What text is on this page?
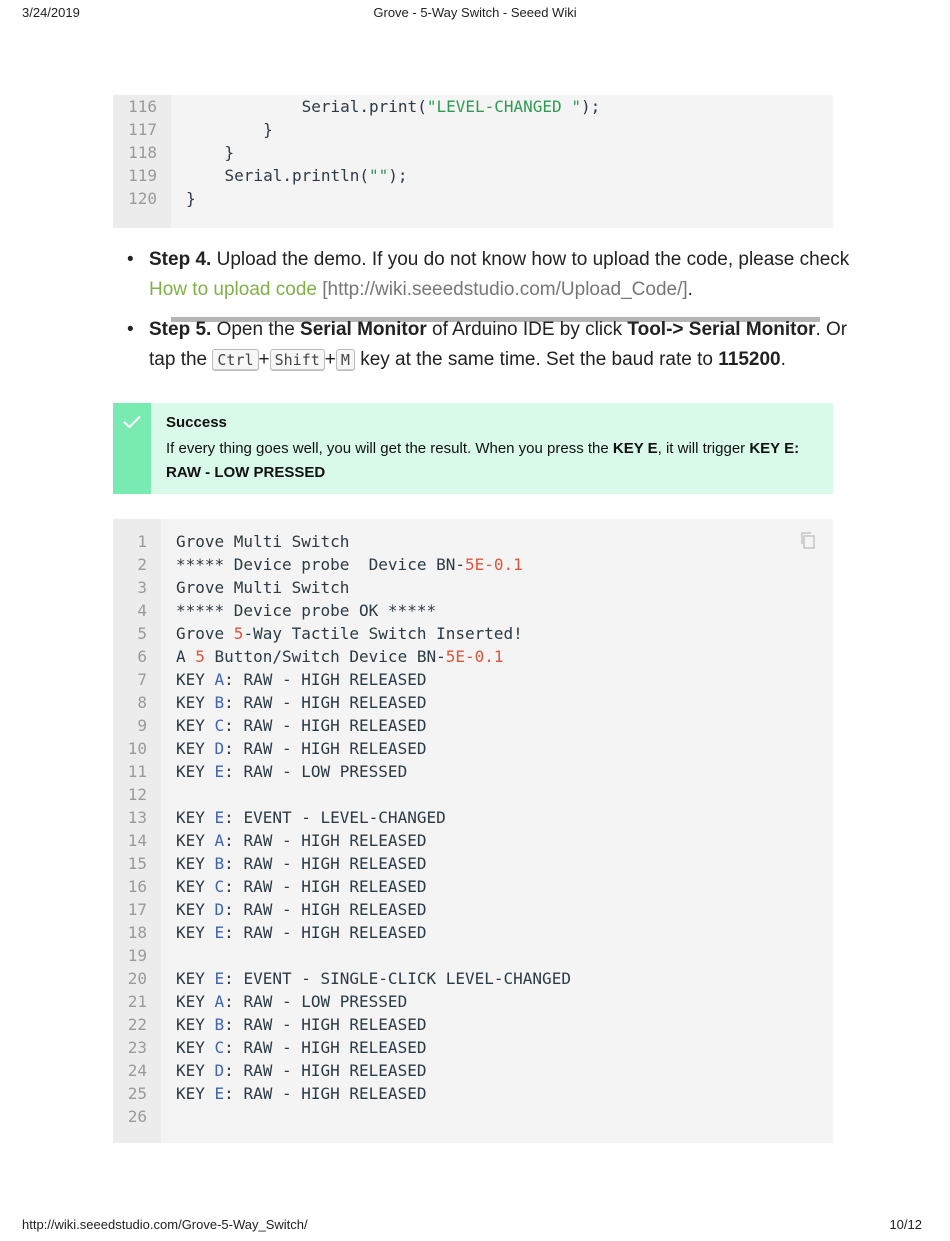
3/24/2019	Grove - 5-Way Switch - Seeed Wiki
116 Serial.print("LEVEL-CHANGED ");
117 }
118 }
119 Serial.println("");
120 }
• Step 4. Upload the demo. If you do not know how to upload the code, please check How to upload code [http://wiki.seeedstudio.com/Upload_Code/].
• Step 5. Open the Serial Monitor of Arduino IDE by click Tool-> Serial Monitor. Or tap the Ctrl + Shift + M key at the same time. Set the baud rate to 115200.
Success
If every thing goes well, you will get the result. When you press the KEY E, it will trigger KEY E: RAW - LOW PRESSED
1 Grove Multi Switch
2 ***** Device probe  Device BN-5E-0.1
3 Grove Multi Switch
4 ***** Device probe OK *****
5 Grove 5-Way Tactile Switch Inserted!
6 A 5 Button/Switch Device BN-5E-0.1
7 KEY A: RAW - HIGH RELEASED
8 KEY B: RAW - HIGH RELEASED
9 KEY C: RAW - HIGH RELEASED
10 KEY D: RAW - HIGH RELEASED
11 KEY E: RAW - LOW PRESSED
12
13 KEY E: EVENT - LEVEL-CHANGED
14 KEY A: RAW - HIGH RELEASED
15 KEY B: RAW - HIGH RELEASED
16 KEY C: RAW - HIGH RELEASED
17 KEY D: RAW - HIGH RELEASED
18 KEY E: RAW - HIGH RELEASED
19
20 KEY E: EVENT - SINGLE-CLICK LEVEL-CHANGED
21 KEY A: RAW - LOW PRESSED
22 KEY B: RAW - HIGH RELEASED
23 KEY C: RAW - HIGH RELEASED
24 KEY D: RAW - HIGH RELEASED
25 KEY E: RAW - HIGH RELEASED
26
http://wiki.seeedstudio.com/Grove-5-Way_Switch/	10/12
